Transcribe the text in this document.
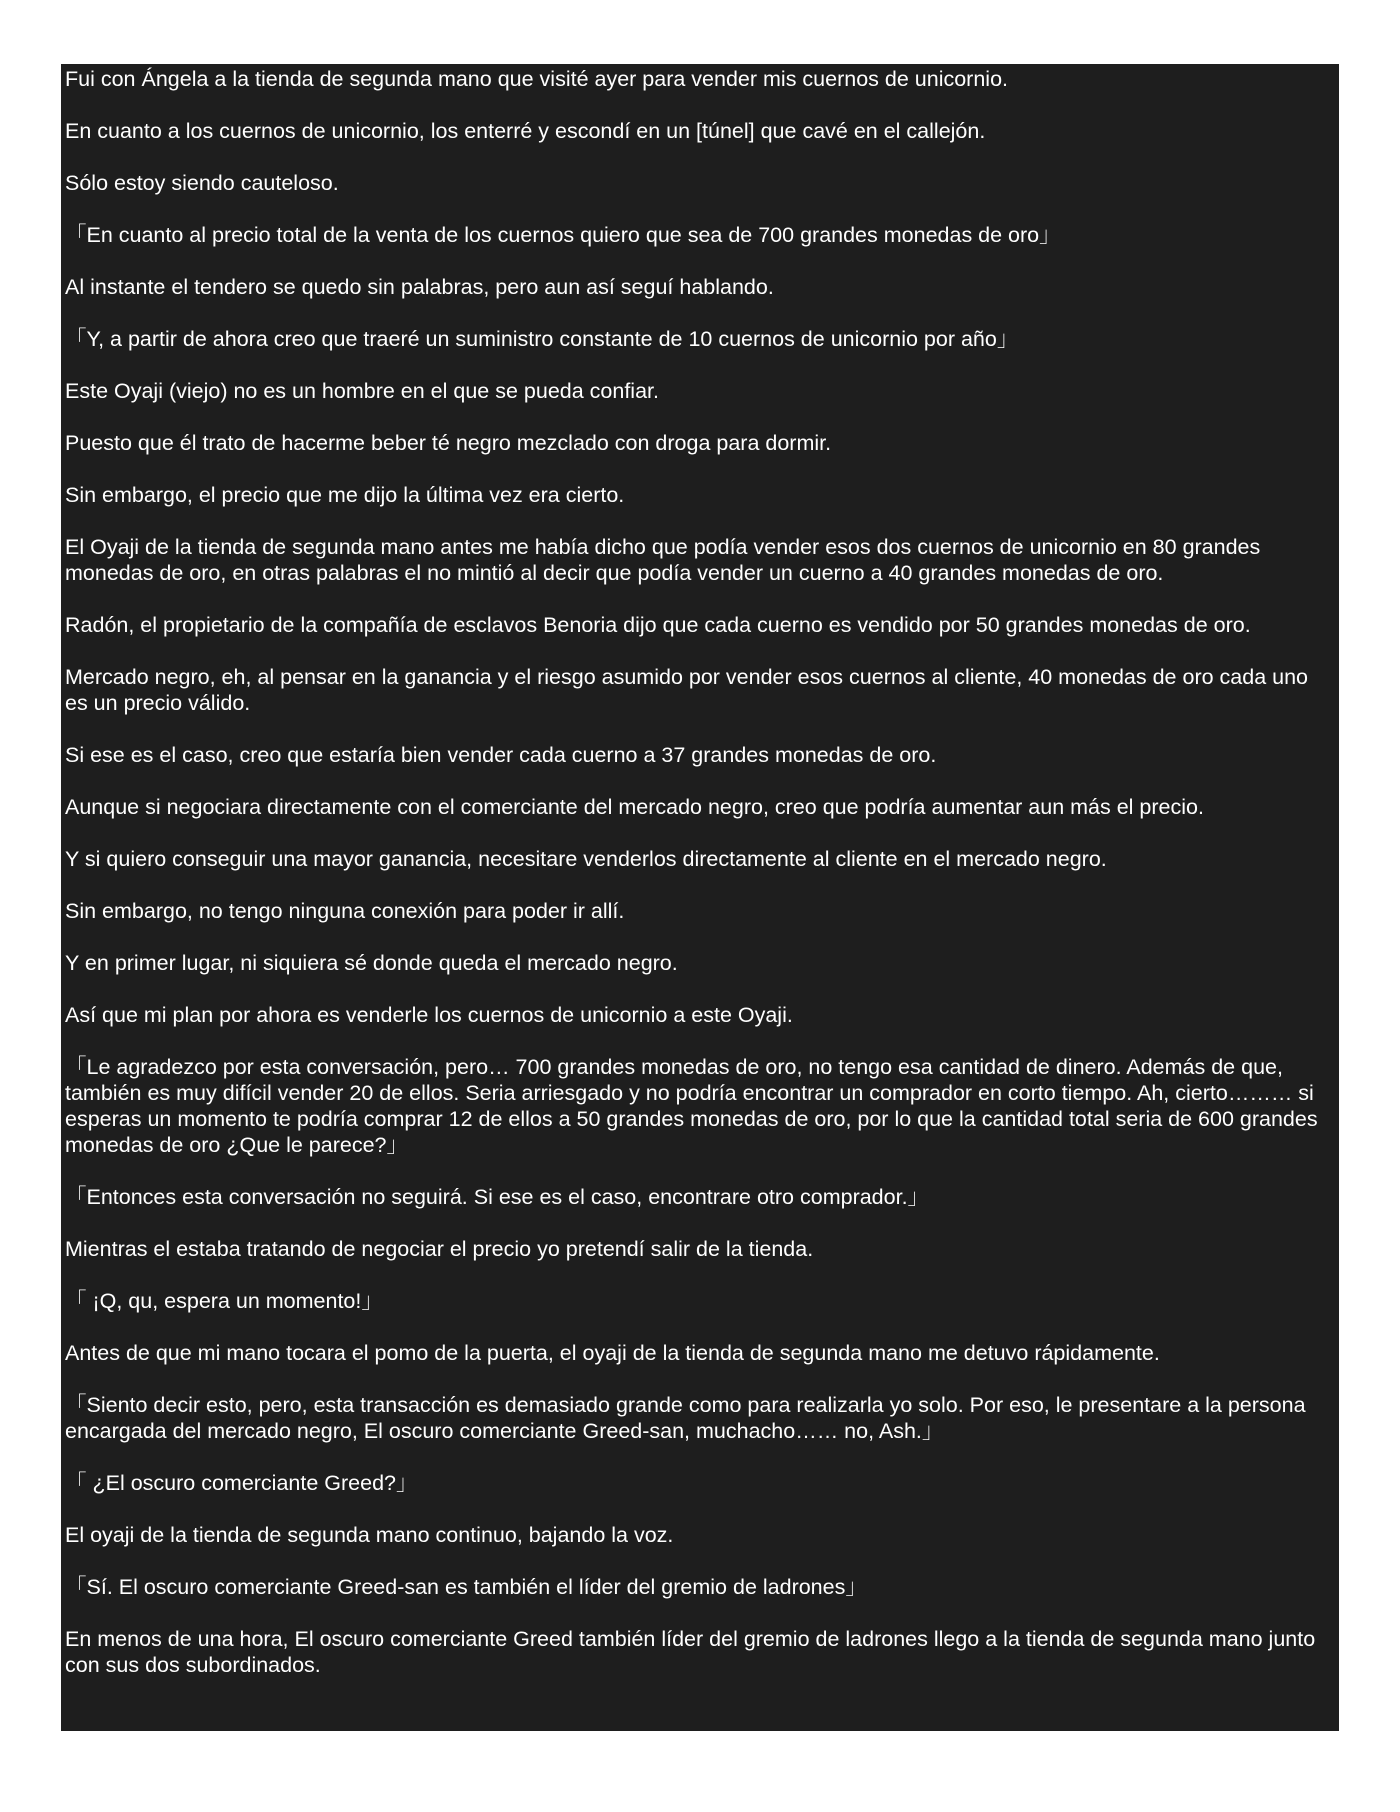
Fui con Ángela a la tienda de segunda mano que visité ayer para vender mis cuernos de unicornio.

En cuanto a los cuernos de unicornio, los enterré y escondí en un [túnel] que cavé en el callejón.

Sólo estoy siendo cauteloso.

「En cuanto al precio total de la venta de los cuernos quiero que sea de 700 grandes monedas de oro」

Al instante el tendero se quedo sin palabras, pero aun así seguí hablando.

「Y, a partir de ahora creo que traeré un suministro constante de 10 cuernos de unicornio por año」

Este Oyaji (viejo) no es un hombre en el que se pueda confiar.

Puesto que él trato de hacerme beber té negro mezclado con droga para dormir.

Sin embargo, el precio que me dijo la última vez era cierto.

El Oyaji de la tienda de segunda mano antes me había dicho que podía vender esos dos cuernos de unicornio en 80 grandes monedas de oro, en otras palabras el no mintió al decir que podía vender un cuerno a 40 grandes monedas de oro.

Radón, el propietario de la compañía de esclavos Benoria dijo que cada cuerno es vendido por 50 grandes monedas de oro.

Mercado negro, eh, al pensar en la ganancia y el riesgo asumido por vender esos cuernos al cliente, 40 monedas de oro cada uno es un precio válido.

Si ese es el caso, creo que estaría bien vender cada cuerno a 37 grandes monedas de oro.

Aunque si negociara directamente con el comerciante del mercado negro, creo que podría aumentar aun más el precio.

Y si quiero conseguir una mayor ganancia, necesitare venderlos directamente al cliente en el mercado negro.

Sin embargo, no tengo ninguna conexión para poder ir allí.

Y en primer lugar, ni siquiera sé donde queda el mercado negro.

Así que mi plan por ahora es venderle los cuernos de unicornio a este Oyaji.

「Le agradezco por esta conversación, pero… 700 grandes monedas de oro, no tengo esa cantidad de dinero. Además de que, también es muy difícil vender 20 de ellos. Seria arriesgado y no podría encontrar un comprador en corto tiempo. Ah, cierto……… si esperas un momento te podría comprar 12 de ellos a 50 grandes monedas de oro, por lo que la cantidad total seria de 600 grandes monedas de oro ¿Que le parece?」

「Entonces esta conversación no seguirá. Si ese es el caso, encontrare otro comprador.」

Mientras el estaba tratando de negociar el precio yo pretendí salir de la tienda.

「 ¡Q, qu, espera un momento!」

Antes de que mi mano tocara el pomo de la puerta, el oyaji de la tienda de segunda mano me detuvo rápidamente.

「Siento decir esto, pero, esta transacción es demasiado grande como para realizarla yo solo. Por eso, le presentare a la persona encargada del mercado negro, El oscuro comerciante Greed-san, muchacho…… no, Ash.」

「 ¿El oscuro comerciante Greed?」

El oyaji de la tienda de segunda mano continuo, bajando la voz.

「Sí. El oscuro comerciante Greed-san es también el líder del gremio de ladrones」

En menos de una hora, El oscuro comerciante Greed también líder del gremio de ladrones llego a la tienda de segunda mano junto con sus dos subordinados.
